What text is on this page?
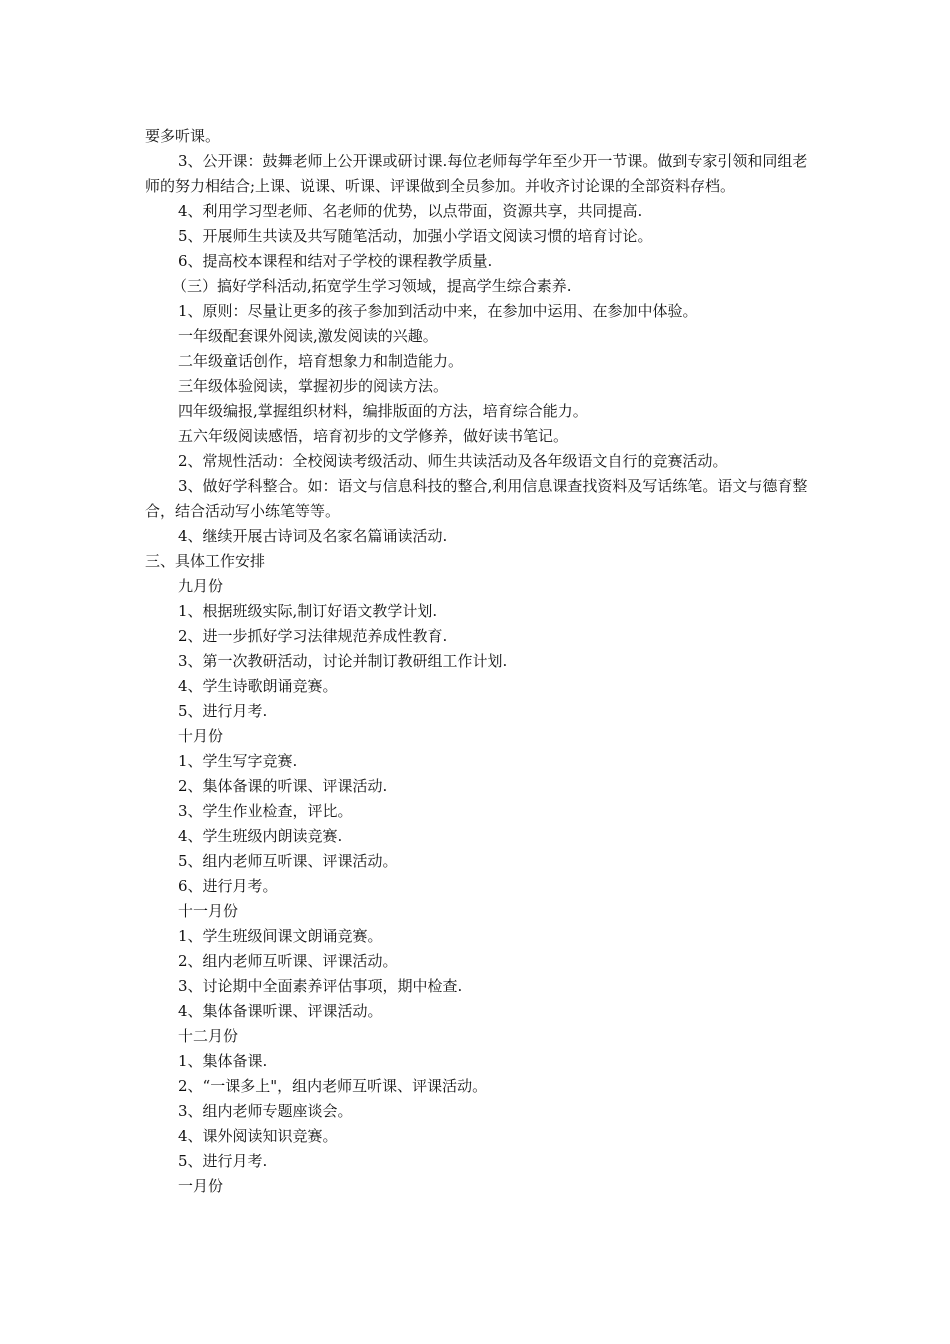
要多听课。

3、公开课：鼓舞老师上公开课或研讨课.每位老师每学年至少开一节课。做到专家引领和同组老师的努力相结合;上课、说课、听课、评课做到全员参加。并收齐讨论课的全部资料存档。

4、利用学习型老师、名老师的优势，以点带面，资源共享，共同提高.

5、开展师生共读及共写随笔活动，加强小学语文阅读习惯的培育讨论。

6、提高校本课程和结对子学校的课程教学质量.

（三）搞好学科活动,拓宽学生学习领域，提高学生综合素养.

1、原则：尽量让更多的孩子参加到活动中来，在参加中运用、在参加中体验。

一年级配套课外阅读,激发阅读的兴趣。

二年级童话创作，培育想象力和制造能力。

三年级体验阅读，掌握初步的阅读方法。

四年级编报,掌握组织材料，编排版面的方法，培育综合能力。

五六年级阅读感悟，培育初步的文学修养，做好读书笔记。

2、常规性活动：全校阅读考级活动、师生共读活动及各年级语文自行的竞赛活动。

3、做好学科整合。如：语文与信息科技的整合,利用信息课查找资料及写话练笔。语文与德育整合，结合活动写小练笔等等。

4、继续开展古诗词及名家名篇诵读活动.

三、具体工作安排

九月份

1、根据班级实际,制订好语文教学计划.

2、进一步抓好学习法律规范养成性教育.

3、第一次教研活动，讨论并制订教研组工作计划.

4、学生诗歌朗诵竞赛。

5、进行月考.

十月份

1、学生写字竞赛.

2、集体备课的听课、评课活动.

3、学生作业检查，评比。

4、学生班级内朗读竞赛.

5、组内老师互听课、评课活动。

6、进行月考。

十一月份

1、学生班级间课文朗诵竞赛。

2、组内老师互听课、评课活动。

3、讨论期中全面素养评估事项，期中检查.

4、集体备课听课、评课活动。

十二月份

1、集体备课.

2、“一课多上"，组内老师互听课、评课活动。

3、组内老师专题座谈会。

4、课外阅读知识竞赛。

5、进行月考.

一月份
